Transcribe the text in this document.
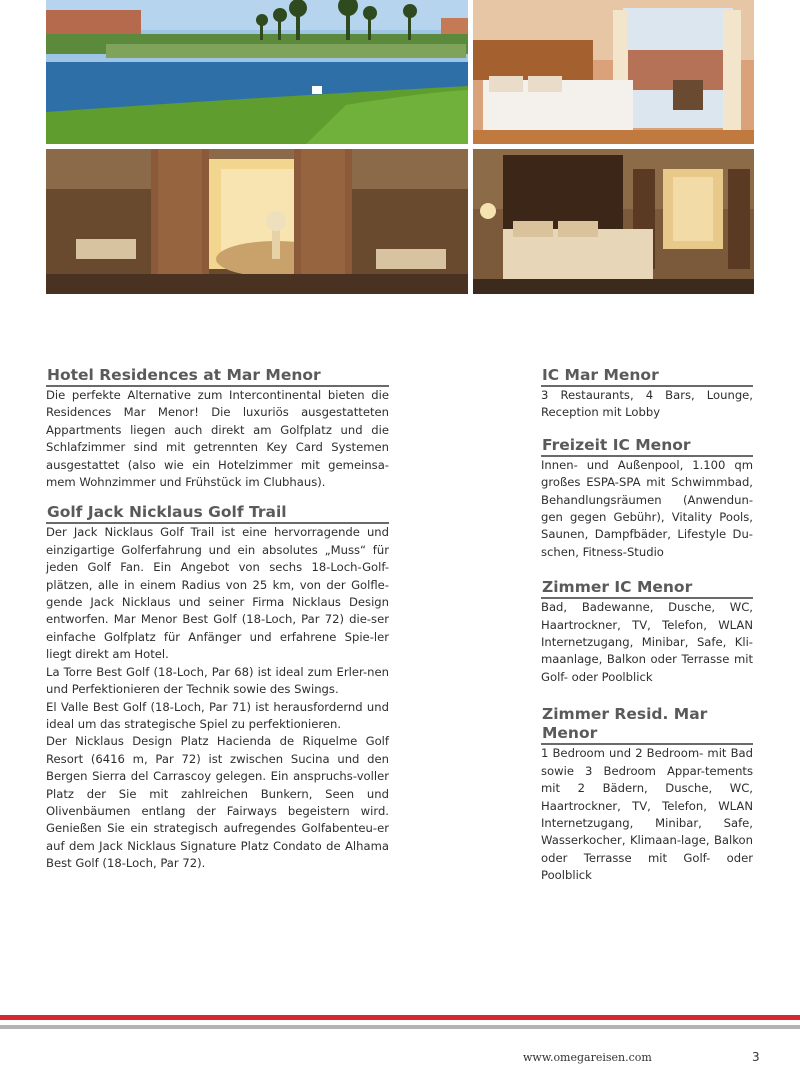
Hotel Residences at Mar Menor

Die perfekte Alternative zum Intercontinental bieten die Residences Mar Menor! Die luxuriös ausgestatteten Appartments liegen auch direkt am Golfplatz und die Schlafzimmer sind mit getrennten Key Card Systemen ausgestattet (also wie ein Hotelzimmer mit gemeinsa-mem Wohnzimmer und Frühstück im Clubhaus).

Golf Jack Nicklaus Golf Trail

Der Jack Nicklaus Golf Trail ist eine hervorragende und einzigartige Golferfahrung und ein absolutes „Muss“ für jeden Golf Fan. Ein Angebot von sechs 18-Loch-Golf-plätzen, alle in einem Radius von 25 km, von der Golfle-gende Jack Nicklaus und seiner Firma Nicklaus Design entworfen. Mar Menor Best Golf (18-Loch, Par 72) die-ser einfache Golfplatz für Anfänger und erfahrene Spie-ler liegt direkt am Hotel.

La Torre Best Golf (18-Loch, Par 68) ist ideal zum Erler-nen und Perfektionieren der Technik sowie des Swings.

El Valle Best Golf (18-Loch, Par 71) ist herausfordernd und ideal um das strategische Spiel zu perfektionieren.

Der Nicklaus Design Platz Hacienda de Riquelme Golf Resort (6416 m, Par 72) ist zwischen Sucina und den Bergen Sierra del Carrascoy gelegen. Ein anspruchs-voller Platz der Sie mit zahlreichen Bunkern, Seen und Olivenbäumen entlang der Fairways begeistern wird. Genießen Sie ein strategisch aufregendes Golfabenteu-er auf dem Jack Nicklaus Signature Platz Condato de Alhama Best Golf (18-Loch, Par 72).

IC Mar Menor

3 Restaurants, 4 Bars, Lounge, Reception mit Lobby

Freizeit IC Menor

Innen- und Außenpool, 1.100 qm großes ESPA-SPA mit Schwimmbad, Behandlungsräumen (Anwendun-gen gegen Gebühr), Vitality Pools, Saunen, Dampfbäder, Lifestyle Du-schen, Fitness-Studio

Zimmer IC Menor

Bad, Badewanne, Dusche, WC, Haartrockner, TV, Telefon, WLAN Internetzugang, Minibar, Safe, Kli-maanlage, Balkon oder Terrasse mit Golf- oder Poolblick

Zimmer Resid. Mar Menor

1 Bedroom und 2 Bedroom- mit Bad sowie 3 Bedroom Appar-tements mit 2 Bädern, Dusche, WC, Haartrockner, TV, Telefon, WLAN Internetzugang, Minibar, Safe, Wasserkocher, Klimaan-lage, Balkon oder Terrasse mit Golf- oder Poolblick

www.omegareisen.com	3
